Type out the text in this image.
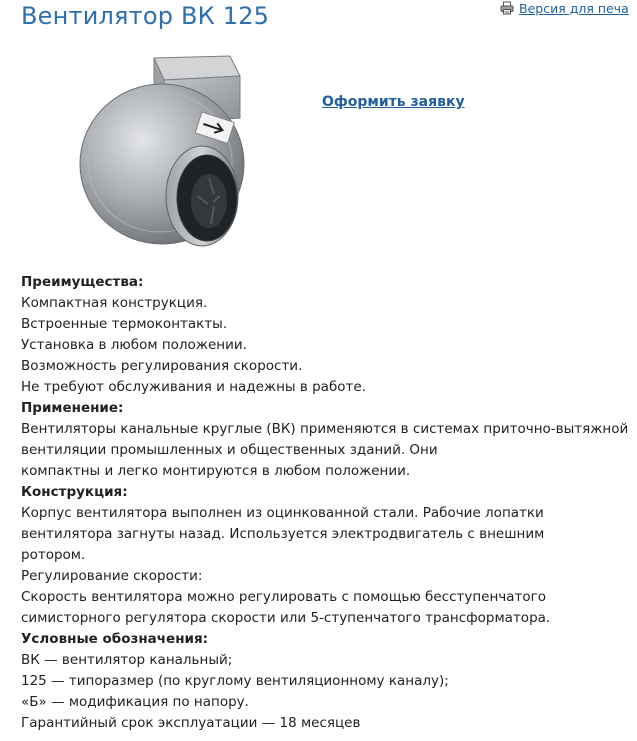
Вентилятор ВК 125	Версия для печа
Оформить заявку
Преимущества:
Компактная конструкция.
Встроенные термоконтакты.
Установка в любом положении.
Возможность регулирования скорости.
Не требуют обслуживания и надежны в работе.
Применение:
Вентиляторы канальные круглые (ВК) применяются в системах приточно-вытяжной
вентиляции промышленных и общественных зданий. Они
компактны и легко монтируются в любом положении.
Конструкция:
Корпус вентилятора выполнен из оцинкованной стали. Рабочие лопатки
вентилятора загнуты назад. Используется электродвигатель с внешним
ротором.
Регулирование скорости:
Скорость вентилятора можно регулировать с помощью бесступенчатого
симисторного регулятора скорости или 5-ступенчатого трансформатора.
Условные обозначения:
ВК — вентилятор канальный;
125 — типоразмер (по круглому вентиляционному каналу);
«Б» — модификация по напору.
Гарантийный срок эксплуатации — 18 месяцев
